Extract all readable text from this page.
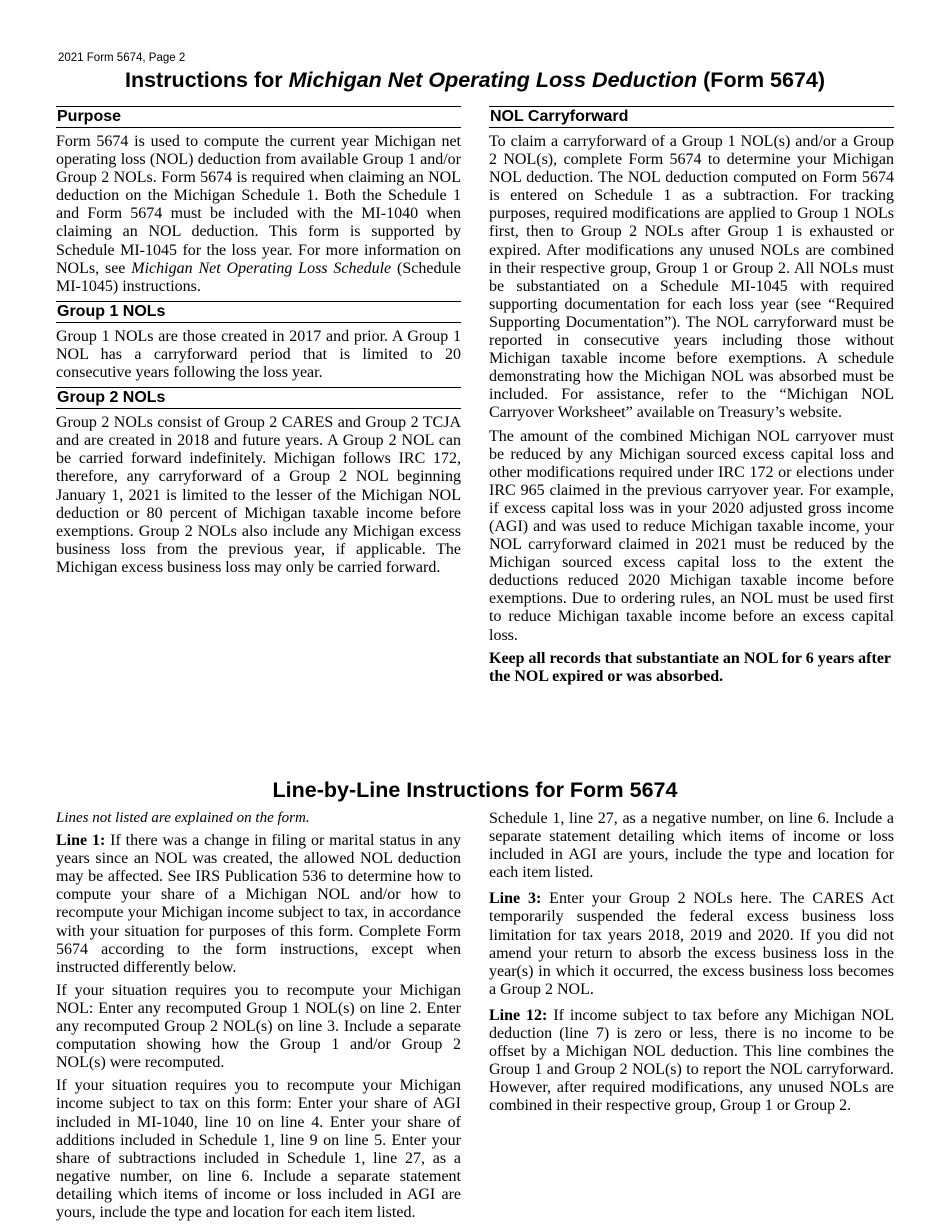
2021 Form 5674, Page 2
Instructions for Michigan Net Operating Loss Deduction (Form 5674)
Purpose

Form 5674 is used to compute the current year Michigan net operating loss (NOL) deduction from available Group 1 and/or Group 2 NOLs. Form 5674 is required when claiming an NOL deduction on the Michigan Schedule 1. Both the Schedule 1 and Form 5674 must be included with the MI-1040 when claiming an NOL deduction. This form is supported by Schedule MI-1045 for the loss year. For more information on NOLs, see Michigan Net Operating Loss Schedule (Schedule MI-1045) instructions.

Group 1 NOLs

Group 1 NOLs are those created in 2017 and prior. A Group 1 NOL has a carryforward period that is limited to 20 consecutive years following the loss year.

Group 2 NOLs

Group 2 NOLs consist of Group 2 CARES and Group 2 TCJA and are created in 2018 and future years. A Group 2 NOL can be carried forward indefinitely. Michigan follows IRC 172, therefore, any carryforward of a Group 2 NOL beginning January 1, 2021 is limited to the lesser of the Michigan NOL deduction or 80 percent of Michigan taxable income before exemptions. Group 2 NOLs also include any Michigan excess business loss from the previous year, if applicable. The Michigan excess business loss may only be carried forward.

NOL Carryforward

To claim a carryforward of a Group 1 NOL(s) and/or a Group 2 NOL(s), complete Form 5674 to determine your Michigan NOL deduction. The NOL deduction computed on Form 5674 is entered on Schedule 1 as a subtraction. For tracking purposes, required modifications are applied to Group 1 NOLs first, then to Group 2 NOLs after Group 1 is exhausted or expired. After modifications any unused NOLs are combined in their respective group, Group 1 or Group 2. All NOLs must be substantiated on a Schedule MI-1045 with required supporting documentation for each loss year (see “Required Supporting Documentation”). The NOL carryforward must be reported in consecutive years including those without Michigan taxable income before exemptions. A schedule demonstrating how the Michigan NOL was absorbed must be included. For assistance, refer to the “Michigan NOL Carryover Worksheet” available on Treasury’s website.

The amount of the combined Michigan NOL carryover must be reduced by any Michigan sourced excess capital loss and other modifications required under IRC 172 or elections under IRC 965 claimed in the previous carryover year. For example, if excess capital loss was in your 2020 adjusted gross income (AGI) and was used to reduce Michigan taxable income, your NOL carryforward claimed in 2021 must be reduced by the Michigan sourced excess capital loss to the extent the deductions reduced 2020 Michigan taxable income before exemptions. Due to ordering rules, an NOL must be used first to reduce Michigan taxable income before an excess capital loss.

Keep all records that substantiate an NOL for 6 years after the NOL expired or was absorbed.

Line-by-Line Instructions for Form 5674

Lines not listed are explained on the form.

Line 1: If there was a change in filing or marital status in any years since an NOL was created, the allowed NOL deduction may be affected. See IRS Publication 536 to determine how to compute your share of a Michigan NOL and/or how to recompute your Michigan income subject to tax, in accordance with your situation for purposes of this form. Complete Form 5674 according to the form instructions, except when instructed differently below.

If your situation requires you to recompute your Michigan NOL: Enter any recomputed Group 1 NOL(s) on line 2. Enter any recomputed Group 2 NOL(s) on line 3. Include a separate computation showing how the Group 1 and/or Group 2 NOL(s) were recomputed.

If your situation requires you to recompute your Michigan income subject to tax on this form: Enter your share of AGI included in MI-1040, line 10 on line 4. Enter your share of additions included in Schedule 1, line 9 on line 5. Enter your share of subtractions included in Schedule 1, line 27, as a negative number, on line 6. Include a separate statement detailing which items of income or loss included in AGI are yours, include the type and location for each item listed.

Schedule 1, line 27, as a negative number, on line 6. Include a separate statement detailing which items of income or loss included in AGI are yours, include the type and location for each item listed.

Line 3: Enter your Group 2 NOLs here. The CARES Act temporarily suspended the federal excess business loss limitation for tax years 2018, 2019 and 2020. If you did not amend your return to absorb the excess business loss in the year(s) in which it occurred, the excess business loss becomes a Group 2 NOL.

Line 12: If income subject to tax before any Michigan NOL deduction (line 7) is zero or less, there is no income to be offset by a Michigan NOL deduction. This line combines the Group 1 and Group 2 NOL(s) to report the NOL carryforward. However, after required modifications, any unused NOLs are combined in their respective group, Group 1 or Group 2.
